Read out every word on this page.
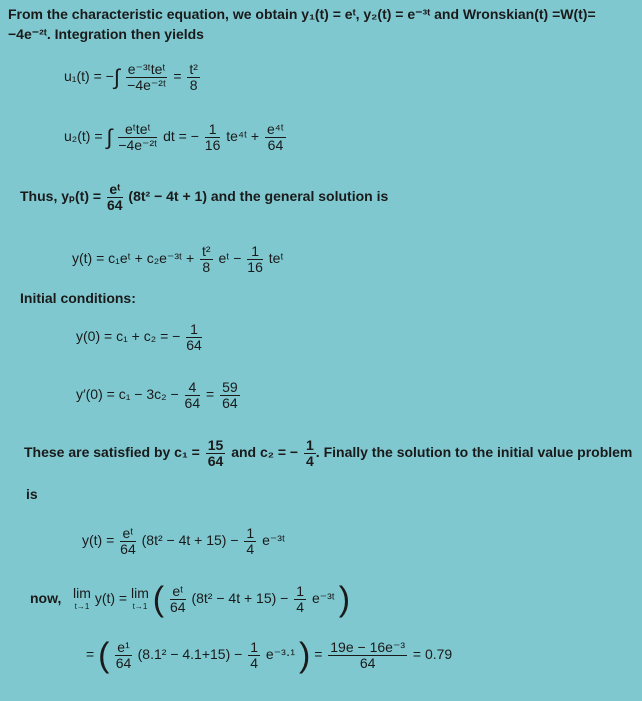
From the characteristic equation, we obtain y₁(t) = eᵗ, y₂(t) = e⁻³ᵗ and Wronskian(t) =W(t)=
−4e⁻²ᵗ. Integration then yields
u₁(t) = −∫ $\frac{\text{e⁻³ᵗteᵗ}}{\text{−4e⁻²ᵗ}} = \frac{\text{t²}}{8}$
u₂(t) = ∫ $\frac{\text{eᵗteᵗ}}{\text{−4e⁻²ᵗ}}$ dt = − $\frac{1}{16}$ te⁴ᵗ + $\frac{\text{e⁴ᵗ}}{64}$
Thus, $y_p(t) = \frac{\text{eᵗ}}{64} (8t^2 - 4t + 1)$ and the general solution is
y(t) = c₁eᵗ + c₂e⁻³ᵗ + $\frac{\text{t²}}{8}$ eᵗ − $\frac{1}{16}$ teᵗ
Initial conditions:
y(0) = c₁ + c₂ = − $\frac{1}{64}$
$y'(0) = c_1 - 3c_2 - \frac{4}{64} = \frac{59}{64}$
These are satisfied by $c_1 = \frac{15}{64}$ and c₂ = − $\frac{1}{4}$ . Finally the solution to the initial value problem
is
$y(t) = \frac{\text{eᵗ}}{64} (8t^2 - 4t + 15) - \frac{1}{4}$ e⁻³ᵗ
now, lim
t→1 y(t) = lim
t→1 ( $\frac{\text{eᵗ}}{64} (8t^2 - 4t + 15) - \frac{1}{4}$ e⁻³ᵗ )
= ( $\frac{\text{e¹}}{64} (8.1^2 - 4.1+15) - \frac{1}{4} e^{-3}\cdot^1$ ) = $\frac{\text{19e − 16e⁻³}}{64} = 0.79$
